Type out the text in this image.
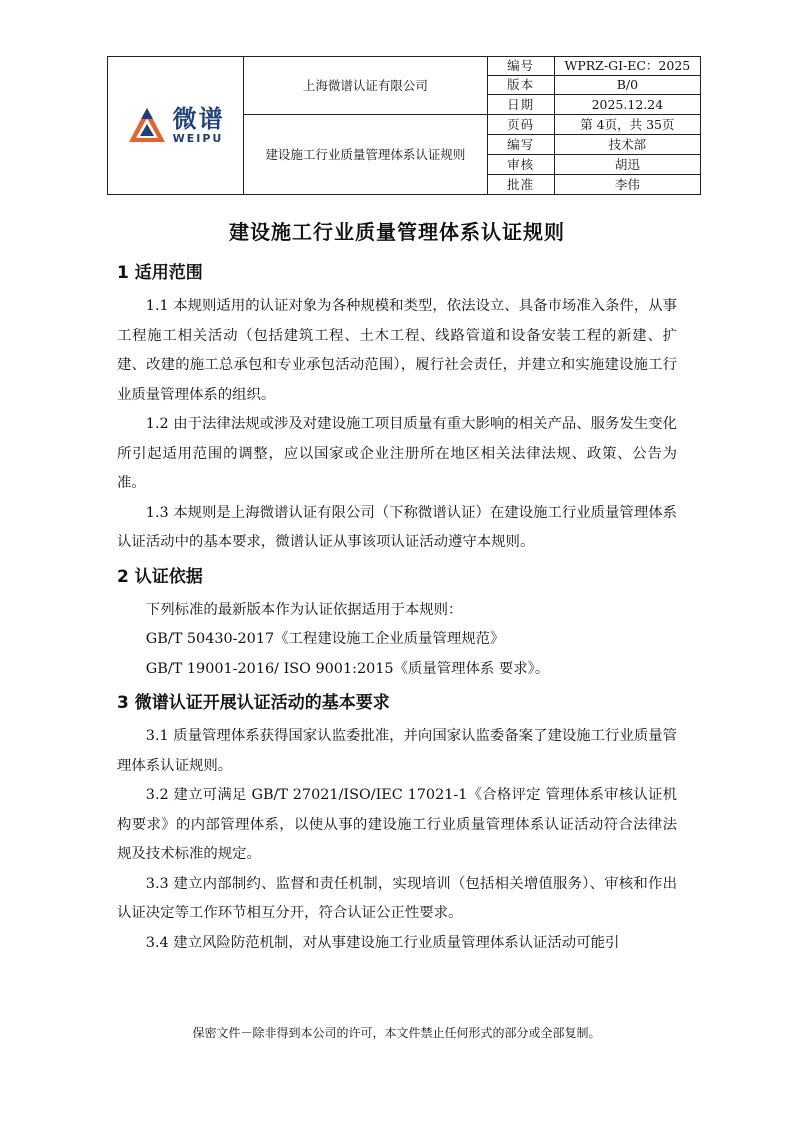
微谱
WEIPU	上海微谱认证有限公司	编号	WPRZ-GI-EC：2025
		版本	B/0
		日期	2025.12.24
	建设施工行业质量管理体系认证规则	页码	第 4页，共 35页
		编写	技术部
		审核	胡迅
		批准	李伟
建设施工行业质量管理体系认证规则
1 适用范围

1.1 本规则适用的认证对象为各种规模和类型，依法设立、具备市场准入条件，从事工程施工相关活动（包括建筑工程、土木工程、线路管道和设备安装工程的新建、扩建、改建的施工总承包和专业承包活动范围），履行社会责任，并建立和实施建设施工行业质量管理体系的组织。

1.2 由于法律法规或涉及对建设施工项目质量有重大影响的相关产品、服务发生变化所引起适用范围的调整，应以国家或企业注册所在地区相关法律法规、政策、公告为准。

1.3 本规则是上海微谱认证有限公司（下称微谱认证）在建设施工行业质量管理体系认证活动中的基本要求，微谱认证从事该项认证活动遵守本规则。

2 认证依据

下列标准的最新版本作为认证依据适用于本规则：

GB/T 50430-2017《工程建设施工企业质量管理规范》

GB/T 19001-2016/ ISO 9001:2015《质量管理体系 要求》。

3 微谱认证开展认证活动的基本要求

3.1 质量管理体系获得国家认监委批准，并向国家认监委备案了建设施工行业质量管理体系认证规则。

3.2 建立可满足 GB/T 27021/ISO/IEC 17021-1《合格评定 管理体系审核认证机构要求》的内部管理体系，以使从事的建设施工行业质量管理体系认证活动符合法律法规及技术标准的规定。

3.3 建立内部制约、监督和责任机制，实现培训（包括相关增值服务）、审核和作出认证决定等工作环节相互分开，符合认证公正性要求。

3.4 建立风险防范机制，对从事建设施工行业质量管理体系认证活动可能引

保密文件－除非得到本公司的许可，本文件禁止任何形式的部分或全部复制。
